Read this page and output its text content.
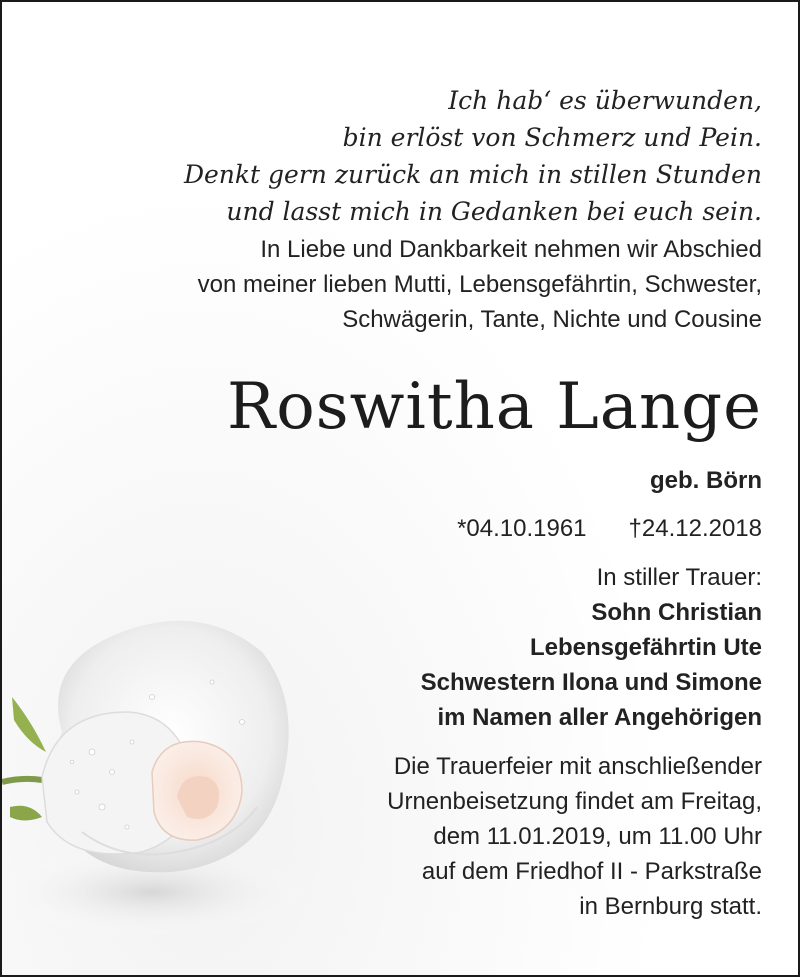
Ich hab‘ es überwunden,
bin erlöst von Schmerz und Pein.
Denkt gern zurück an mich in stillen Stunden
und lasst mich in Gedanken bei euch sein.
In Liebe und Dankbarkeit nehmen wir Abschied
von meiner lieben Mutti, Lebensgefährtin, Schwester,
Schwägerin, Tante, Nichte und Cousine
Roswitha Lange
geb. Börn
*04.10.1961 †24.12.2018
In stiller Trauer:
Sohn Christian
Lebensgefährtin Ute
Schwestern Ilona und Simone
im Namen aller Angehörigen
Die Trauerfeier mit anschließender
Urnenbeisetzung findet am Freitag,
dem 11.01.2019, um 11.00 Uhr
auf dem Friedhof II - Parkstraße
in Bernburg statt.
